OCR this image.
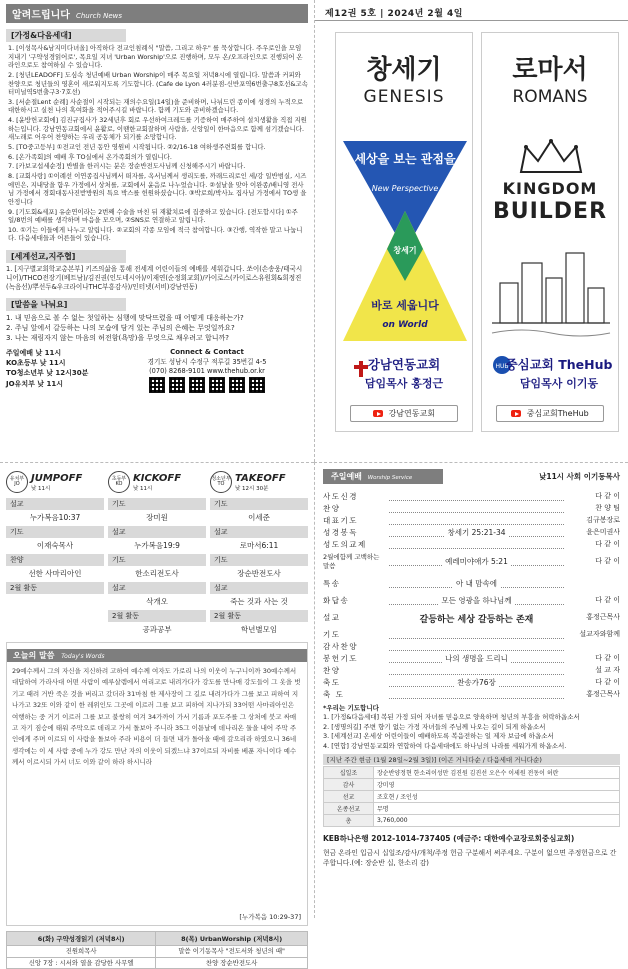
알려드립니다 Church News
[가정&다음세대]
1. [이성목사&남지미다녀올] 아직하다 전교인침례식 "말씀, 그리고 하우" 를 묵상합니다. 주우로인을 모임 지내기 '구약성경읽어로', 목요일 지녀 'Urban Worship'으로 진행하며, 모두 온/오프라인으로 진행되어 온라인으로도 참여하실 수 있습니다.
2. [청년LEADOFF] 도심속 청년예배 Urban Worship이 매주 목요일 저녁8시에 열립니다. 말씀과 커피와 찬양으로 청년들의 영혼이 새로워지도록 기도합니다. (Cafe de Lyon 4러분점-신반포역6번출구8호선&고속터미널역5번출구3·7호선)
3. [서순절Lent 순례] 사순절이 시작되는 재의수요일(14일)을 준비하며, 나뉘드린 종이에 성경의 누적으로 대한하시고 실천 나의 혹여화을 적어주시길 바랍니다. 함께 기도와 준비하겠습니다.
4. [윤방헌교회에] 김진규집사가 32세년후 회로 우선하여크레드를 기증하여 매주하여 설치생활을 직접 지원하는입니다. 강남연동교회에서 윤활로, 이땐한교회잘하며 사람을, 신앙일이 한마음으로 함께 섬기겠습니다. 새노래로 어우어 찬양하는 우리 공동체가 되기를 소망합니다.
5. [TO중고등부] ①전교인 전년 동안 영원비 시작됩니다. ②2/16-18 여하생주련회를 합니다.
6. [온가족회]의 예배 후 TO실에서 온가족회의가 열립니다.
7. [카보교섭세순정] 반별을 한러시는 분은 장순반전도사님께 신청해주시기 바랍니다.
8. [교회사랑] ①이례선 이연종집사님께서 떠자를, 옥서님께서 생리도를, 까래드리로인 세/강 일반범실, 시즈에민은, 지내당을 함우 가정에서 상처를, 교회에서 윤음로 나누었습니다. ②설날을 맞아 이완종/배니영 전사님 가정에서 경회대동사진받방원의 특요 박스를 헌원하셨습니다. ③박로희/박사뇨 집사님 가정에서 TO생 을안정니다
9. [기도회&세포] 유순연이라는 2번째 수술을 마친 뒤 재활치료에 집중하고 있습니다. [전도합시다] ①주일/8번의 예배를 생각하며 마음을 모으며, ②SNS로 연결하고 알립니다.
10. ①기는 이들에게 나누고 알립니다. ②교회의 각종 모임에 적극 참여합니다. ③간행, 역작한 말고 나눕니다. 다음세대들과 어른들이 있습니다.
[세계선교,지주협]

1. [지구별교회학교총본부] 키즈의삶을 통해 전세계 어린이들의 예배를 세워갑니다. 쏘이(손송웅/태국시니어)/THCO전장기(베트남)/김진권(인도네시아)/이재연(순정회교회)/카이로스(카이로스유원회&희정진(녹음선)/뿌선두&우크라이나THC부흥감사)/인터넷(서비)강남연동)

[말씀을 나눠요]
1. 내 믿음으로 볼 수 없는 첫일하는 심행에 맞닥뜨렸을 때 어떻게 대응하는가?
2. 주님 앞에서 갈등하는 나의 모습에 담겨 있는 주님의 은혜는 무엇일까요?
3. 나는 재림자지 않는 마음의 허전함(욕망)을 무엇으로 채우려고 합니까?
주일예배 낮 11시
KO초등부 낮 11시
TO청소년부 낮 12시30분
JO유치부 낮 11시
Connect & Contact
경기도 성남시 수정구 적루길 35번길 4-5
(070) 8268-9101 www.thehub.or.kr
제12권 5호 | 2024년 2월 4일
창세기
GENESIS
세상을 보는 관점을
New Perspective
창세기
바로 세웁니다
on World
강남연동교회
담임목사 홍정근
강남연동교회
로마서
ROMANS
KINGDOM
BUILDER
HUB
중심교회 TheHub
담임목사 이기동
중심교회TheHub
유치부 JO
JUMPOFF
낮 11시
설교
누가복음10:37
기도
이재숙목사
찬양
선한 사마리아인
2월 활동
초등부 KO
KICKOFF
낮 11시
기도
장미원
설교
누가복음19:9
기도
한소리전도사
설교
삭개오
2월 활동
공과공부
청소년부 TO
TAKEOFF
낮 12시 30분
기도
이세준
설교
로마서6:11
기도
장순반전도사
설교
죽는 것과 사는 것
2월 활동
학년별모임
오늘의 말씀 Today's Words

29예수께서 그의 자신을 지신하려 고하여 예수께 여자도 가로리 나의 이웃이 누구니이까 30예수께서 대답하여 가라사대 어떤 사람이 예루살렘에서 여리고로 내려가다가 강도를 만나매 강도들이 그 옷을 벗기고 때려 거반 죽은 것을 버리고 갔더라 31마침 한 제사장이 그 길로 내려가다가 그를 보고 피하여 지나가고 32또 이와 같이 한 레위인도 그곳에 이르러 그를 보고 피하여 지나가되 33어떤 사마리아인은 여행하는 중 거기 이르러 그를 보고 불쌍히 여겨 34가까이 가서 기름과 포도주를 그 상처에 붓고 싸매고 자기 짐승에 태워 주막으로 데리고 가서 돌보아 주니라 35그 이튿날에 데나리온 둘을 내어 주막 주인에게 주며 이르되 이 사람을 돌보아 주라 비용이 더 들면 내가 돌아올 때에 갚으리라 하였으니 36네 생각에는 이 세 사람 중에 누가 강도 만난 자의 이웃이 되겠느냐 37이르되 자비를 베푼 자니이다 예수께서 이르시되 가서 너도 이와 같이 하라 하시니라

[누가복음 10:29-37]
6(화) 구약성경읽기 (저녁8시)	8(목) UrbanWorship (저녁8시)
진원희목사	말씀 이기동목사 "전도서와 청년의 때"
신앙 7장 : 시서와 열을 감당한 사무엘	찬양 장순반전도사
주일예배 Worship Service	낮11시 사회 이기동목사
사도신경	다 같 이
찬양	찬 양 팀
대표기도	김규봉장로
성경봉독	창세기 25:21-34	윤은미권사
성도의교제	다 같 이
2월에함께 고백하는말씀
예레미야애가 5:21	다 같 이
특송	아 내 맘속에
화답송	모든 영광을 하나님께	다 같 이
설교	갈등하는 세상 갈등하는 존재	홍정근목사
기도	설교자와함께
감사찬양
봉헌기도	나의 생명을 드리니	다 같 이
찬양	설 교 자
축도	찬송가76장	다 같 이
축 도	홍정근목사
*우리는 기도합니다
1. [가정&다음세대] 복된 가정 되어 자녀를 믿음으로 양육하며 청년의 부흥을 허락하옵소서
2. [생명의길] 주변 향기 없는 가정 자녀들의 주님께 나오는 길이 되게 하옵소서
3. [세계선교] 온세상 어린이들이 예배하도록 복음전하는 일 제자 보급에 하옵소서
4. [연합] 강남연동교회와 연합하여 다음세대에도 하나님의 나라를 세워가게 하옵소서.
[지난 주간 현금 (1월 28일~2월 3일)] (이곤 거니다순 / 다음세대 거니다순)
십일조	장순반양정현 한소리이성만 김진원 김진선 오은수 이세원 전동이 허란
감사	강미영
선교	조호현 / 조인성
온종선교	무명
총	3,760,000
KEB하나은행 2012-1014-737405 (예금주: 대한예수교장로회중심교회)

현금 온라인 입금시 십일조/감사/개척/주정 헌금 구분해서 써주세요. 구분이 없으면 주정헌금으로 간주합니다.(예: 장순반 십, 한소리 감)
